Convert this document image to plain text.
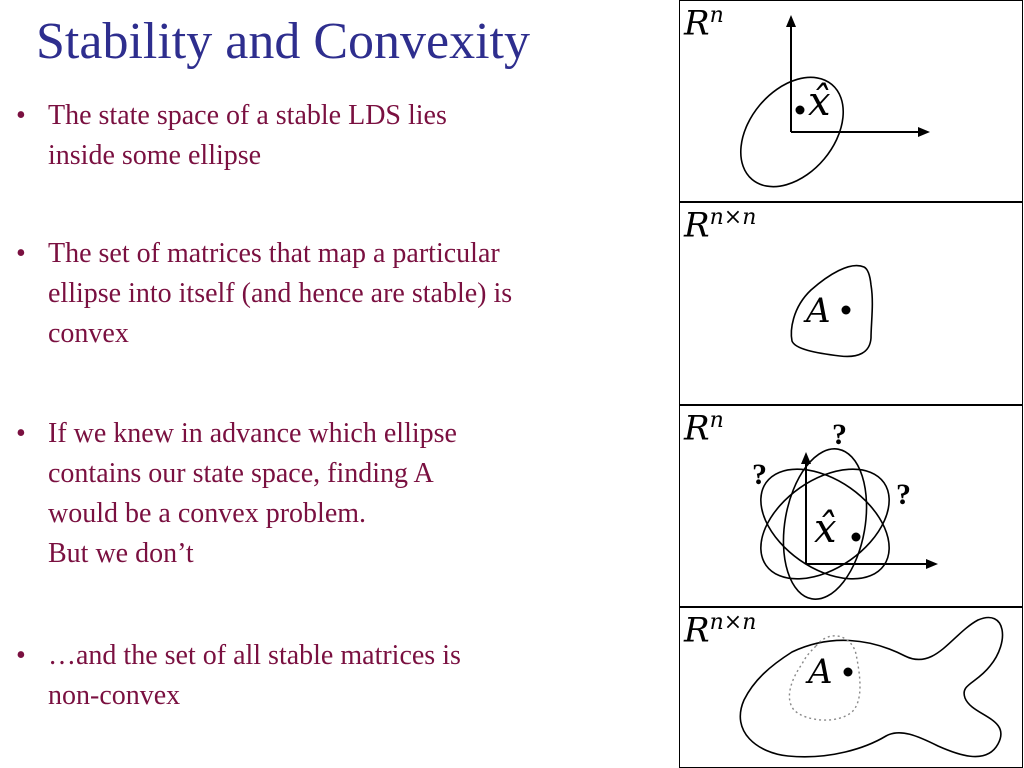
Stability and Convexity
• The state space of a stable LDS lies
inside some ellipse
• The set of matrices that map a particular
ellipse into itself (and hence are stable) is
convex
• If we knew in advance which ellipse
contains our state space, finding A
would be a convex problem.
But we don’t
• …and the set of all stable matrices is
non-convex
$R^n$
x̂
$R^{n\times n}$
A
$R^n$
x̂
?
?
?
$R^{n\times n}$
A
